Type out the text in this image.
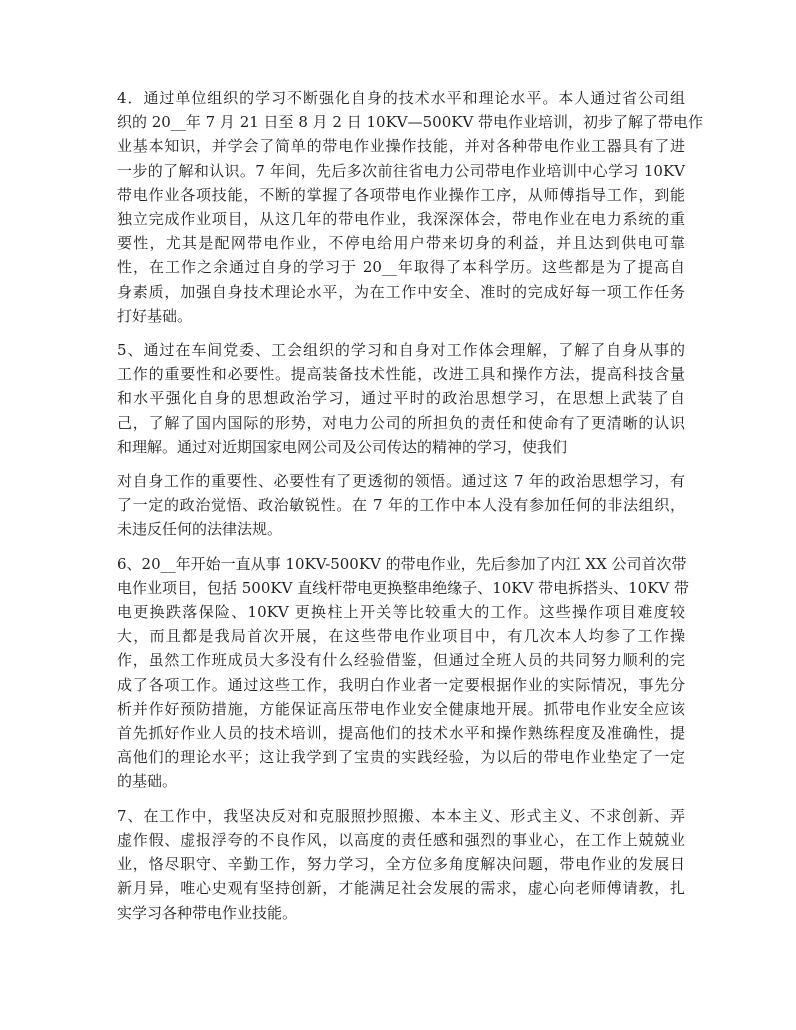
4．通过单位组织的学习不断强化自身的技术水平和理论水平。本人通过省公司组
织的 20__年 7 月 21 日至 8 月 2 日 10KV—500KV 带电作业培训，初步了解了带电作
业基本知识，并学会了简单的带电作业操作技能，并对各种带电作业工器具有了进
一步的了解和认识。7 年间，先后多次前往省电力公司带电作业培训中心学习 10KV
带电作业各项技能，不断的掌握了各项带电作业操作工序，从师傅指导工作，到能
独立完成作业项目，从这几年的带电作业，我深深体会，带电作业在电力系统的重
要性，尤其是配网带电作业，不停电给用户带来切身的利益，并且达到供电可靠
性，在工作之余通过自身的学习于 20__年取得了本科学历。这些都是为了提高自
身素质，加强自身技术理论水平，为在工作中安全、准时的完成好每一项工作任务
打好基础。

5、通过在车间党委、工会组织的学习和自身对工作体会理解，了解了自身从事的
工作的重要性和必要性。提高装备技术性能，改进工具和操作方法，提高科技含量
和水平强化自身的思想政治学习，通过平时的政治思想学习，在思想上武装了自
己，了解了国内国际的形势，对电力公司的所担负的责任和使命有了更清晰的认识
和理解。通过对近期国家电网公司及公司传达的精神的学习，使我们

对自身工作的重要性、必要性有了更透彻的领悟。通过这 7 年的政治思想学习，有
了一定的政治觉悟、政治敏锐性。在 7 年的工作中本人没有参加任何的非法组织，
未违反任何的法律法规。

6、20__年开始一直从事 10KV-500KV 的带电作业，先后参加了内江 XX 公司首次带
电作业项目，包括 500KV 直线杆带电更换整串绝缘子、10KV 带电拆搭头、10KV 带
电更换跌落保险、10KV 更换柱上开关等比较重大的工作。这些操作项目难度较
大，而且都是我局首次开展，在这些带电作业项目中，有几次本人均参了工作操
作，虽然工作班成员大多没有什么经验借鉴，但通过全班人员的共同努力顺利的完
成了各项工作。通过这些工作，我明白作业者一定要根据作业的实际情况，事先分
析并作好预防措施，方能保证高压带电作业安全健康地开展。抓带电作业安全应该
首先抓好作业人员的技术培训，提高他们的技术水平和操作熟练程度及准确性，提
高他们的理论水平；这让我学到了宝贵的实践经验，为以后的带电作业垫定了一定
的基础。

7、在工作中，我坚决反对和克服照抄照搬、本本主义、形式主义、不求创新、弄
虚作假、虚报浮夸的不良作风，以高度的责任感和强烈的事业心，在工作上兢兢业
业，恪尽职守、辛勤工作，努力学习，全方位多角度解决问题，带电作业的发展日
新月异，唯心史观有坚持创新，才能满足社会发展的需求，虚心向老师傅请教，扎
实学习各种带电作业技能。
